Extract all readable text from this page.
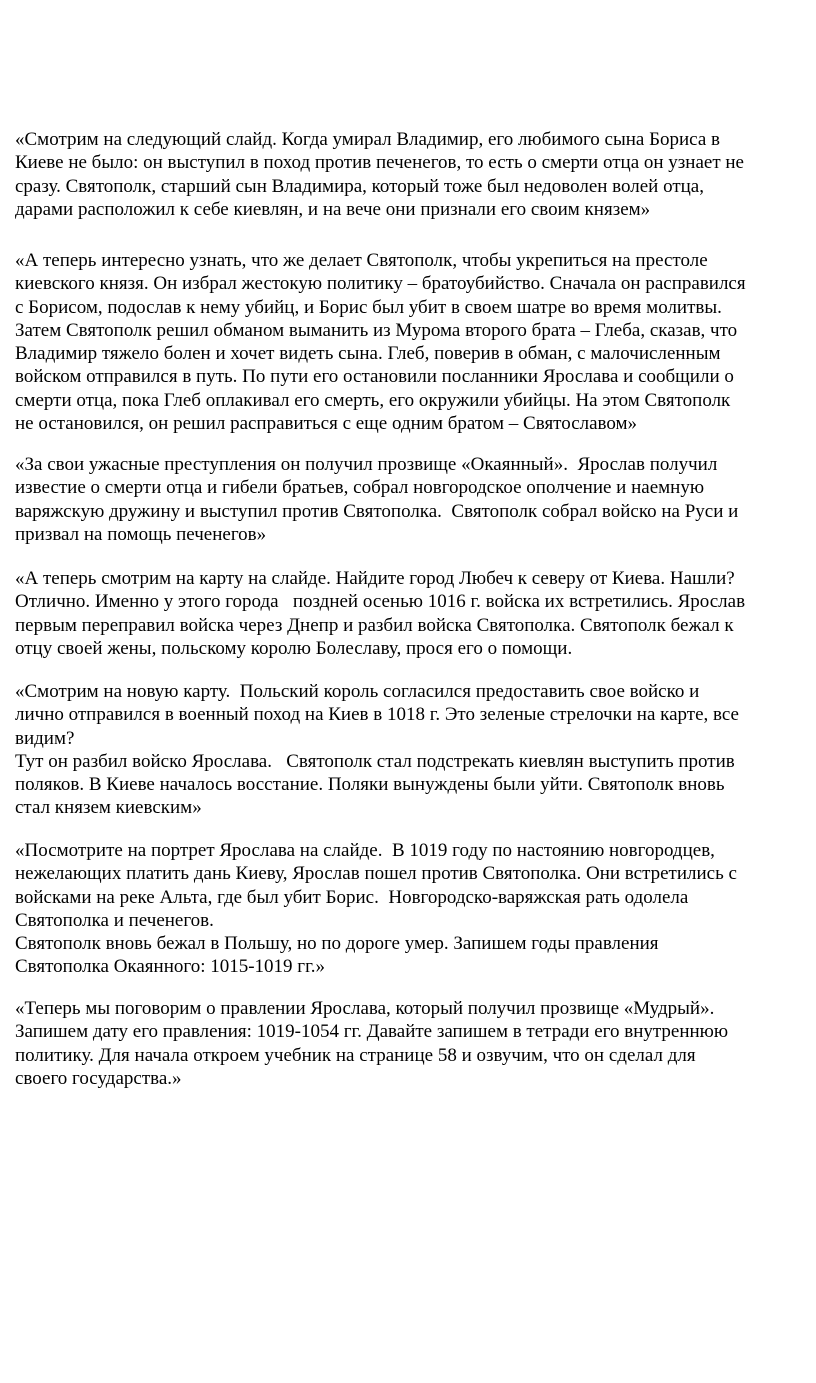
«Смотрим на следующий слайд. Когда умирал Владимир, его любимого сына Бориса в
Киеве не было: он выступил в поход против печенегов, то есть о смерти отца он узнает не
сразу. Святополк, старший сын Владимира, который тоже был недоволен волей отца,
дарами расположил к себе киевлян, и на вече они признали его своим князем»
«А теперь интересно узнать, что же делает Святополк, чтобы укрепиться на престоле
киевского князя. Он избрал жестокую политику – братоубийство. Сначала он расправился
с Борисом, подослав к нему убийц, и Борис был убит в своем шатре во время молитвы.
Затем Святополк решил обманом выманить из Мурома второго брата – Глеба, сказав, что
Владимир тяжело болен и хочет видеть сына. Глеб, поверив в обман, с малочисленным
войском отправился в путь. По пути его остановили посланники Ярослава и сообщили о
смерти отца, пока Глеб оплакивал его смерть, его окружили убийцы. На этом Святополк
не остановился, он решил расправиться с еще одним братом – Святославом»
«За свои ужасные преступления он получил прозвище «Окаянный».  Ярослав получил
известие о смерти отца и гибели братьев, собрал новгородское ополчение и наемную
варяжскую дружину и выступил против Святополка.  Святополк собрал войско на Руси и
призвал на помощь печенегов»
«А теперь смотрим на карту на слайде. Найдите город Любеч к северу от Киева. Нашли?
Отлично. Именно у этого города   поздней осенью 1016 г. войска их встретились. Ярослав
первым переправил войска через Днепр и разбил войска Святополка. Святополк бежал к
отцу своей жены, польскому королю Болеславу, прося его о помощи.
«Смотрим на новую карту.  Польский король согласился предоставить свое войско и
лично отправился в военный поход на Киев в 1018 г. Это зеленые стрелочки на карте, все
видим?
Тут он разбил войско Ярослава.   Святополк стал подстрекать киевлян выступить против
поляков. В Киеве началось восстание. Поляки вынуждены были уйти. Святополк вновь
стал князем киевским»
«Посмотрите на портрет Ярослава на слайде.  В 1019 году по настоянию новгородцев,
нежелающих платить дань Киеву, Ярослав пошел против Святополка. Они встретились с
войсками на реке Альта, где был убит Борис.  Новгородско-варяжская рать одолела
Святополка и печенегов.
Святополк вновь бежал в Польшу, но по дороге умер. Запишем годы правления
Святополка Окаянного: 1015-1019 гг.»
«Теперь мы поговорим о правлении Ярослава, который получил прозвище «Мудрый».
Запишем дату его правления: 1019-1054 гг. Давайте запишем в тетради его внутреннюю
политику. Для начала откроем учебник на странице 58 и озвучим, что он сделал для
своего государства.»
